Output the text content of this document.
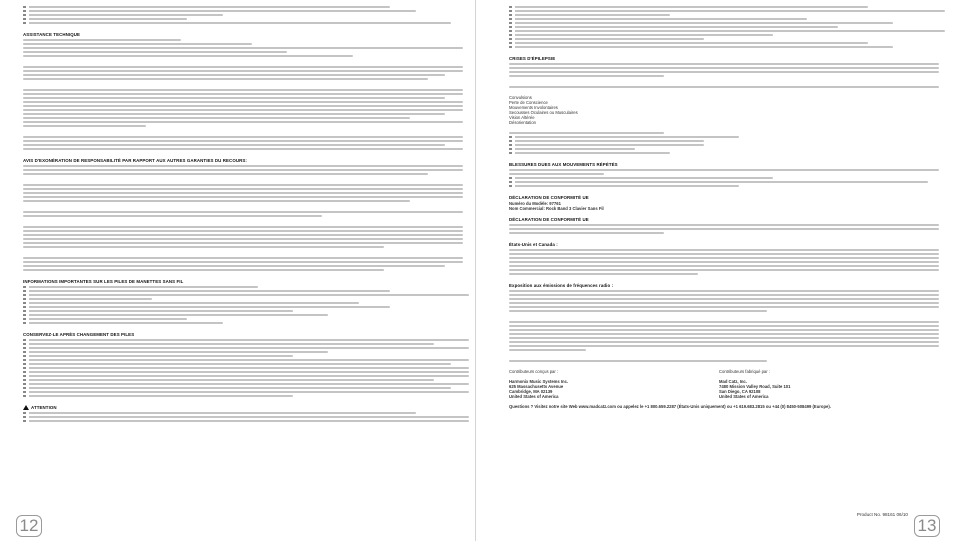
ASSISTANCE TECHNIQUE
AVIS D'EXONÉRATION DE RESPONSABILITÉ PAR RAPPORT AUX AUTRES GARANTIES DU RECOURS:
INFORMATIONS IMPORTANTES SUR LES PILES DE MANETTES SANS FIL
CONSERVEZ-LE APRÈS CHANGEMENT DES PILES
ATTENTION
12
CRISES D'ÉPILEPSIE
Convulsions
Perte de Conscience
Mouvements Involontaires
Secousses Oculaires ou Musculaires
Vision Altérée
Désorientation
BLESSURES DUES AUX MOUVEMENTS RÉPÉTÉS
DÉCLARATION DE CONFORMITÉ UE
Numéro du Modèle: 97761
Nom Commercial: Rock Band 3 Clavier Sans Fil
DÉCLARATION DE CONFORMITÉ UE
États-Unis et Canada :
Exposition aux émissions de fréquences radio :
Contributeurs conçus par :
Harmonix Music Systems Inc.
625 Massachusetts Avenue
Cambridge, MA 02139
United States of America
Contributeurs fabriqué par :
Mad Catz, Inc.
7480 Mission Valley Road, Suite 101
San Diego, CA 92108
United States of America
Questions ? Visitez notre site Web www.madcatz.com ou appelez le +1 800.659.2287 (États-Unis uniquement) ou +1 619.683.2815 ou +44 (0) 8450-508499 (Europe).
Product No. 98161 06/10
13
